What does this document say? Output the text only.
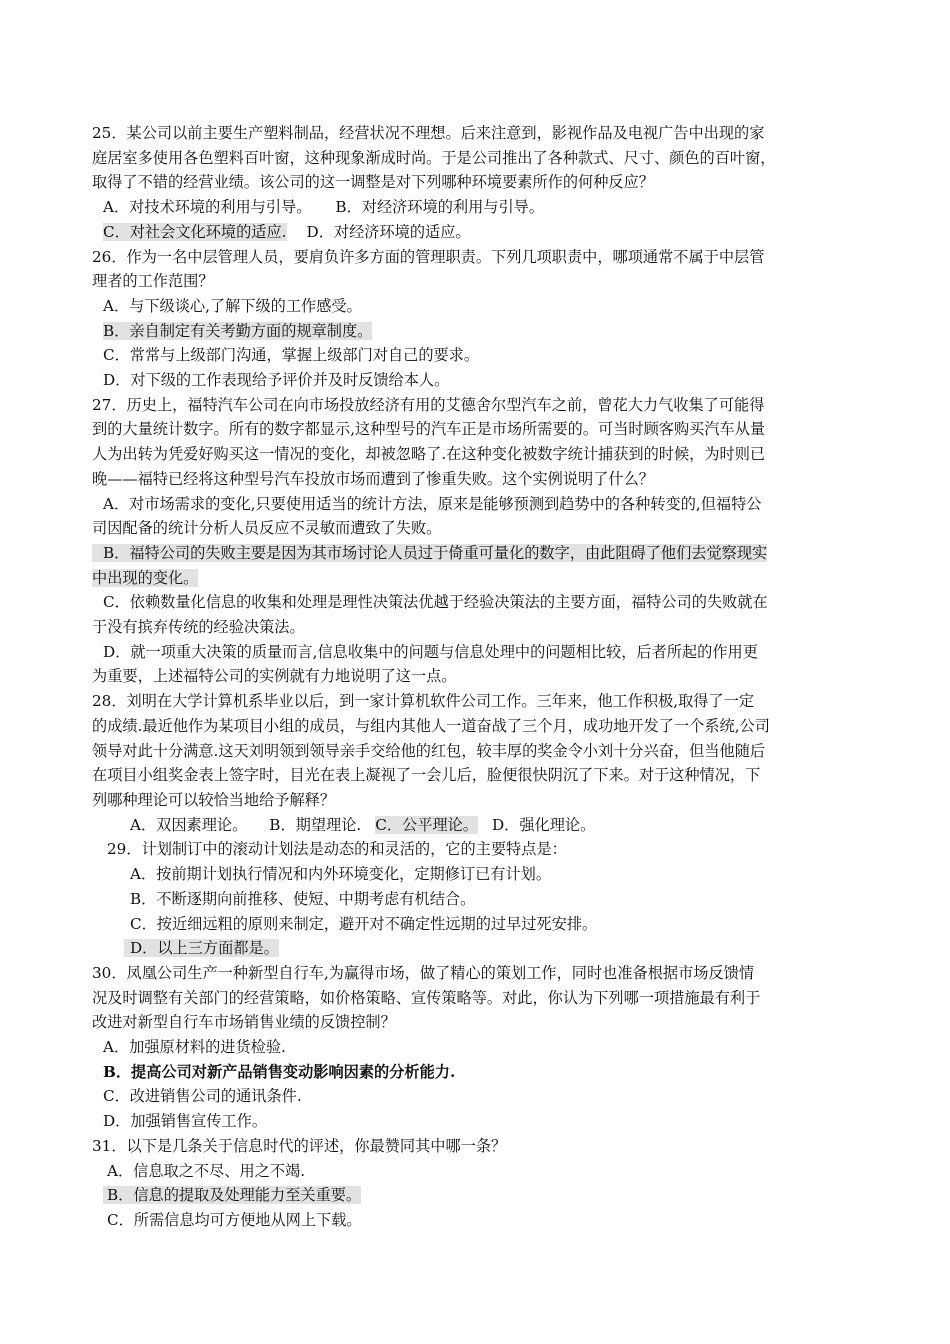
25．某公司以前主要生产塑料制品，经营状况不理想。后来注意到，影视作品及电视广告中出现的家

庭居室多使用各色塑料百叶窗，这种现象渐成时尚。于是公司推出了各种款式、尺寸、颜色的百叶窗，

取得了不错的经营业绩。该公司的这一调整是对下列哪种环境要素所作的何种反应？

A．对技术环境的利用与引导。 B．对经济环境的利用与引导。

C．对社会文化环境的适应. D．对经济环境的适应。

26．作为一名中层管理人员，要肩负许多方面的管理职责。下列几项职责中，哪项通常不属于中层管

理者的工作范围？

A．与下级谈心,了解下级的工作感受。

B．亲自制定有关考勤方面的规章制度。

C．常常与上级部门沟通，掌握上级部门对自己的要求。

D．对下级的工作表现给予评价并及时反馈给本人。

27．历史上，福特汽车公司在向市场投放经济有用的艾德舍尔型汽车之前，曾花大力气收集了可能得

到的大量统计数字。所有的数字都显示,这种型号的汽车正是市场所需要的。可当时顾客购买汽车从量

人为出转为凭爱好购买这一情况的变化，却被忽略了.在这种变化被数字统计捕获到的时候，为时则已

晚——福特已经将这种型号汽车投放市场而遭到了惨重失败。这个实例说明了什么？

A．对市场需求的变化,只要使用适当的统计方法，原来是能够预测到趋势中的各种转变的,但福特公

司因配备的统计分析人员反应不灵敏而遭致了失败。

B．福特公司的失败主要是因为其市场讨论人员过于倚重可量化的数字，由此阻碍了他们去觉察现实

中出现的变化。

C．依赖数量化信息的收集和处理是理性决策法优越于经验决策法的主要方面，福特公司的失败就在

于没有摈弃传统的经验决策法。

D．就一项重大决策的质量而言,信息收集中的问题与信息处理中的问题相比较，后者所起的作用更

为重要，上述福特公司的实例就有力地说明了这一点。

28．刘明在大学计算机系毕业以后，到一家计算机软件公司工作。三年来，他工作积极,取得了一定

的成绩.最近他作为某项目小组的成员，与组内其他人一道奋战了三个月，成功地开发了一个系统,公司

领导对此十分满意.这天刘明领到领导亲手交给他的红包，较丰厚的奖金令小刘十分兴奋，但当他随后

在项目小组奖金表上签字时，目光在表上凝视了一会儿后，脸便很快阴沉了下来。对于这种情况，下

列哪种理论可以较恰当地给予解释？

A．双因素理论。 B．期望理论. C．公平理论。 D．强化理论。

29．计划制订中的滚动计划法是动态的和灵活的，它的主要特点是：

A．按前期计划执行情况和内外环境变化，定期修订已有计划。

B．不断逐期向前推移、使短、中期考虑有机结合。

C．按近细远粗的原则来制定，避开对不确定性远期的过早过死安排。

D．以上三方面都是。

30．凤凰公司生产一种新型自行车,为赢得市场，做了精心的策划工作，同时也准备根据市场反馈情

况及时调整有关部门的经营策略，如价格策略、宣传策略等。对此，你认为下列哪一项措施最有利于

改进对新型自行车市场销售业绩的反馈控制？

A．加强原材料的进货检验.

B．提高公司对新产品销售变动影响因素的分析能力.

C．改进销售公司的通讯条件.

D．加强销售宣传工作。

31．以下是几条关于信息时代的评述，你最赞同其中哪一条？

A．信息取之不尽、用之不竭.

B．信息的提取及处理能力至关重要。

C．所需信息均可方便地从网上下载。
